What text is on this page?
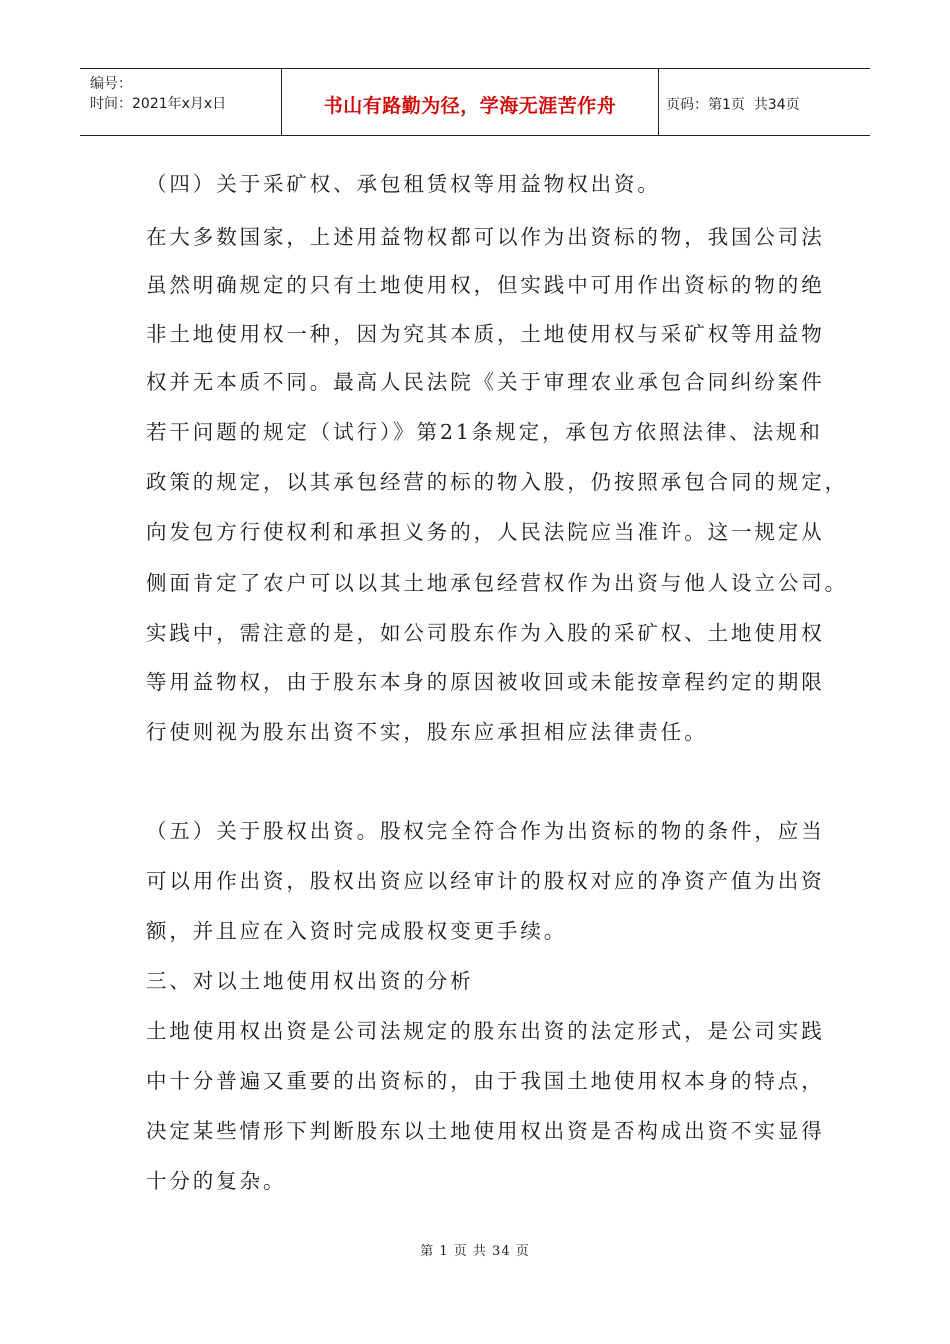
编号：
时间：2021年x月x日	书山有路勤为径，学海无涯苦作舟	页码：第1页  共34页
（四）关于采矿权、承包租赁权等用益物权出资。
在大多数国家，上述用益物权都可以作为出资标的物，我国公司法
虽然明确规定的只有土地使用权，但实践中可用作出资标的物的绝
非土地使用权一种，因为究其本质，土地使用权与采矿权等用益物
权并无本质不同。最高人民法院《关于审理农业承包合同纠纷案件
若干问题的规定（试行）》第21条规定，承包方依照法律、法规和
政策的规定，以其承包经营的标的物入股，仍按照承包合同的规定，
向发包方行使权利和承担义务的，人民法院应当准许。这一规定从
侧面肯定了农户可以以其土地承包经营权作为出资与他人设立公司。
实践中，需注意的是，如公司股东作为入股的采矿权、土地使用权
等用益物权，由于股东本身的原因被收回或未能按章程约定的期限
行使则视为股东出资不实，股东应承担相应法律责任。
（五）关于股权出资。股权完全符合作为出资标的物的条件，应当
可以用作出资，股权出资应以经审计的股权对应的净资产值为出资
额，并且应在入资时完成股权变更手续。
三、对以土地使用权出资的分析
土地使用权出资是公司法规定的股东出资的法定形式，是公司实践
中十分普遍又重要的出资标的，由于我国土地使用权本身的特点，
决定某些情形下判断股东以土地使用权出资是否构成出资不实显得
十分的复杂。
第 1 页 共 34 页
